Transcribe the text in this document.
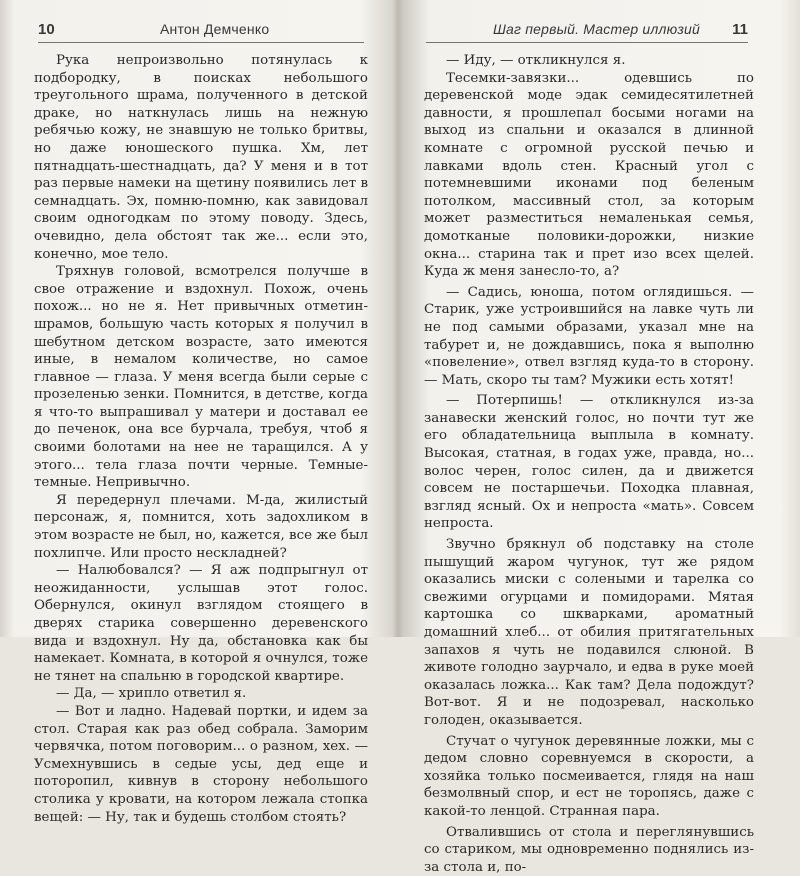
10	Антон Демченко

Рука непроизвольно потянулась к подбородку, в поисках небольшого треугольного шрама, полученного в детской драке, но наткнулась лишь на нежную ребячью кожу, не знавшую не только бритвы, но даже юношеского пушка. Хм, лет пятнадцать-шестнадцать, да? У меня и в тот раз первые намеки на щетину появились лет в семнадцать. Эх, помню-помню, как завидовал своим одногодкам по этому поводу. Здесь, очевидно, дела обстоят так же... если это, конечно, мое тело.

Тряхнув головой, всмотрелся получше в свое отражение и вздохнул. Похож, очень похож... но не я. Нет привычных отметин-шрамов, большую часть которых я получил в шебутном детском возрасте, зато имеются иные, в немалом количестве, но самое главное — глаза. У меня всегда были серые с прозеленью зенки. Помнится, в детстве, когда я что-то выпрашивал у матери и доставал ее до печенок, она все бурчала, требуя, чтоб я своими болотами на нее не таращился. А у этого... тела глаза почти черные. Темные-темные. Непривычно.

Я передернул плечами. М-да, жилистый персонаж, я, помнится, хоть задохликом в этом возрасте не был, но, кажется, все же был похлипче. Или просто нескладней?

— Налюбовался? — Я аж подпрыгнул от неожиданности, услышав этот голос. Обернулся, окинул взглядом стоящего в дверях старика совершенно деревенского вида и вздохнул. Ну да, обстановка как бы намекает. Комната, в которой я очнулся, тоже не тянет на спальню в городской квартире.

— Да, — хрипло ответил я.

— Вот и ладно. Надевай портки, и идем за стол. Старая как раз обед собрала. Заморим червячка, потом поговорим... о разном, хех. — Усмехнувшись в седые усы, дед еще и поторопил, кивнув в сторону небольшого столика у кровати, на котором лежала стопка вещей: — Ну, так и будешь столбом стоять?

Шаг первый. Мастер иллюзий 11

— Иду, — откликнулся я.

Тесемки-завязки... одевшись по деревенской моде эдак семидесятилетней давности, я прошлепал босыми ногами на выход из спальни и оказался в длинной комнате с огромной русской печью и лавками вдоль стен. Красный угол с потемневшими иконами под беленым потолком, массивный стол, за которым может разместиться немаленькая семья, домотканые половики-дорожки, низкие окна... старина так и прет изо всех щелей. Куда ж меня занесло-то, а?

— Садись, юноша, потом оглядишься. — Старик, уже устроившийся на лавке чуть ли не под самыми образами, указал мне на табурет и, не дождавшись, пока я выполню «повеление», отвел взгляд куда-то в сторону. — Мать, скоро ты там? Мужики есть хотят!

— Потерпишь! — откликнулся из-за занавески женский голос, но почти тут же его обладательница выплыла в комнату. Высокая, статная, в годах уже, правда, но... волос черен, голос силен, да и движется совсем не постаршечьи. Походка плавная, взгляд ясный. Ох и непроста «мать». Совсем непроста.

Звучно брякнул об подставку на столе пышущий жаром чугунок, тут же рядом оказались миски с солеными и тарелка со свежими огурцами и помидорами. Мятая картошка со шкварками, ароматный домашний хлеб... от обилия притягательных запахов я чуть не подавился слюной. В животе голодно заурчало, и едва в руке моей оказалась ложка... Как там? Дела подождут? Вот-вот. Я и не подозревал, насколько голоден, оказывается.

Стучат о чугунок деревянные ложки, мы с дедом словно соревнуемся в скорости, а хозяйка только посмеивается, глядя на наш безмолвный спор, и ест не торопясь, даже с какой-то ленцой. Странная пара.

Отвалившись от стола и переглянувшись со стариком, мы одновременно поднялись из-за стола и, по-
